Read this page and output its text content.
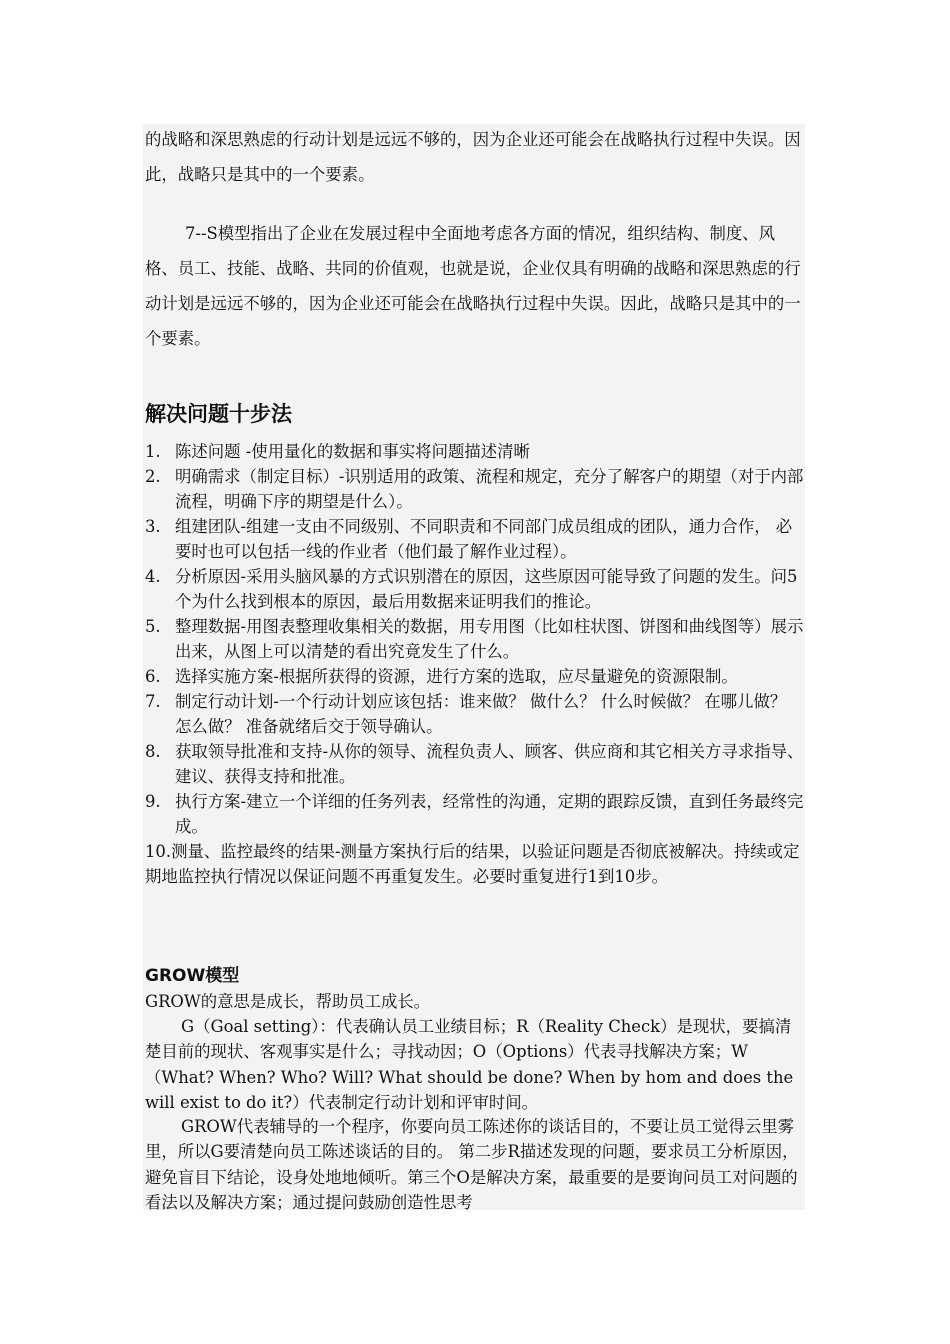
的战略和深思熟虑的行动计划是远远不够的，因为企业还可能会在战略执行过程中失误。因此，战略只是其中的一个要素。

7--S模型指出了企业在发展过程中全面地考虑各方面的情况，组织结构、制度、风格、员工、技能、战略、共同的价值观，也就是说，企业仅具有明确的战略和深思熟虑的行动计划是远远不够的，因为企业还可能会在战略执行过程中失误。因此，战略只是其中的一个要素。

解决问题十步法
1. 陈述问题 -使用量化的数据和事实将问题描述清晰
2. 明确需求（制定目标）-识别适用的政策、流程和规定，充分了解客户的期望（对于内部流程，明确下序的期望是什么）。
3. 组建团队-组建一支由不同级别、不同职责和不同部门成员组成的团队，通力合作， 必要时也可以包括一线的作业者（他们最了解作业过程）。
4. 分析原因-采用头脑风暴的方式识别潜在的原因，这些原因可能导致了问题的发生。问5个为什么找到根本的原因，最后用数据来证明我们的推论。
5. 整理数据-用图表整理收集相关的数据，用专用图（比如柱状图、饼图和曲线图等）展示出来，从图上可以清楚的看出究竟发生了什么。
6. 选择实施方案-根据所获得的资源，进行方案的选取，应尽量避免的资源限制。
7. 制定行动计划-一个行动计划应该包括：谁来做？ 做什么？ 什么时候做？ 在哪儿做？ 怎么做？ 准备就绪后交于领导确认。
8. 获取领导批准和支持-从你的领导、流程负责人、顾客、供应商和其它相关方寻求指导、建议、获得支持和批准。
9. 执行方案-建立一个详细的任务列表，经常性的沟通，定期的跟踪反馈，直到任务最终完成。
10.测量、监控最终的结果-测量方案执行后的结果，以验证问题是否彻底被解决。持续或定期地监控执行情况以保证问题不再重复发生。必要时重复进行1到10步。
GROW模型

GROW的意思是成长，帮助员工成长。

G（Goal setting）：代表确认员工业绩目标；R（Reality Check）是现状，要搞清楚目前的现状、客观事实是什么；寻找动因；O（Options）代表寻找解决方案；W（What? When? Who? Will? What should be done? When by hom and does the will exist to do it?）代表制定行动计划和评审时间。

GROW代表辅导的一个程序，你要向员工陈述你的谈话目的，不要让员工觉得云里雾里，所以G要清楚向员工陈述谈话的目的。 第二步R描述发现的问题，要求员工分析原因，避免盲目下结论，设身处地地倾听。第三个O是解决方案，最重要的是要询问员工对问题的看法以及解决方案；通过提问鼓励创造性思考
